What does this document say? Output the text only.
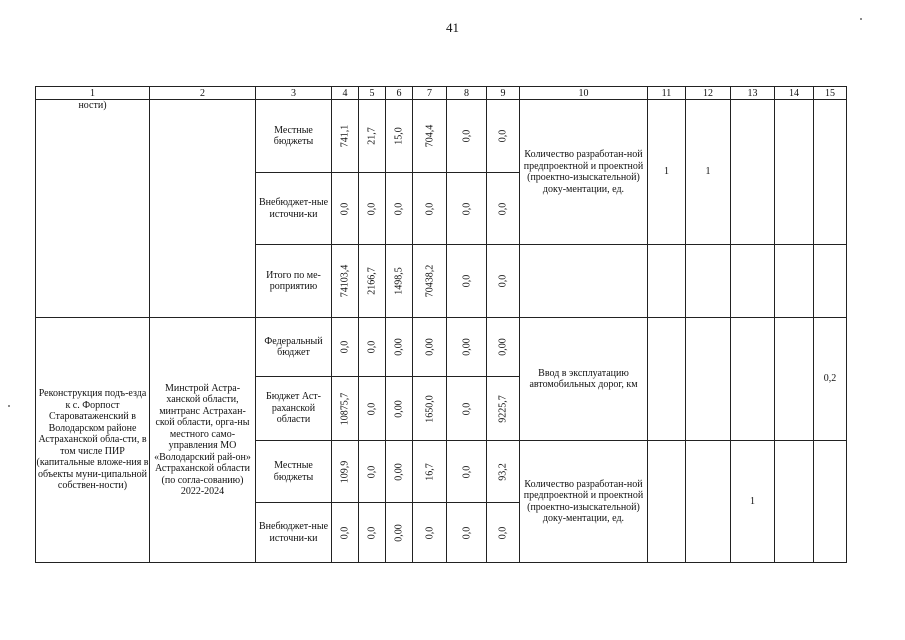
41
1	2	3	4	5	6	7	8	9	10	11	12	13	14	15
ности)		Местные бюджеты	741,1	21,7	15,0	704,4	0,0	0,0	Количество разработан-ной предпроектной и проектной (проектно-изыскательной) доку-ментации, ед.	1	1			
		Внебюджет-ные источни-ки	0,0	0,0	0,0	0,0	0,0	0,0						

		Итого по ме-роприятию	74103,4	2166,7	1498,5	70438,2	0,0	0,0						

Реконструкция подъ-езда к с. Форпост Староватаженский в Володарском районе Астраханской обла-сти, в том числе ПИР (капитальные вложе-ния в объекты муни-ципальной собствен-ности)	Минстрой Астра-ханской области, минтранс Астрахан-ской области, орга-ны местного само-управления МО «Володарский рай-он» Астраханской области (по согла-сованию) 2022-2024	Федеральный бюджет	0,0	0,0	0,00	0,00	0,00	0,00	Ввод в эксплуатацию автомобильных дорог, км					0,2
		Бюджет Аст-раханской области	10875,7	0,0	0,00	1650,0	0,0	9225,7						

		Местные бюджеты	109,9	0,0	0,00	16,7	0,0	93,2	Количество разработан-ной предпроектной и проектной (проектно-изыскательной) доку-ментации, ед.			1		
		Внебюджет-ные источни-ки	0,0	0,0	0,00	0,0	0,0	0,0						
